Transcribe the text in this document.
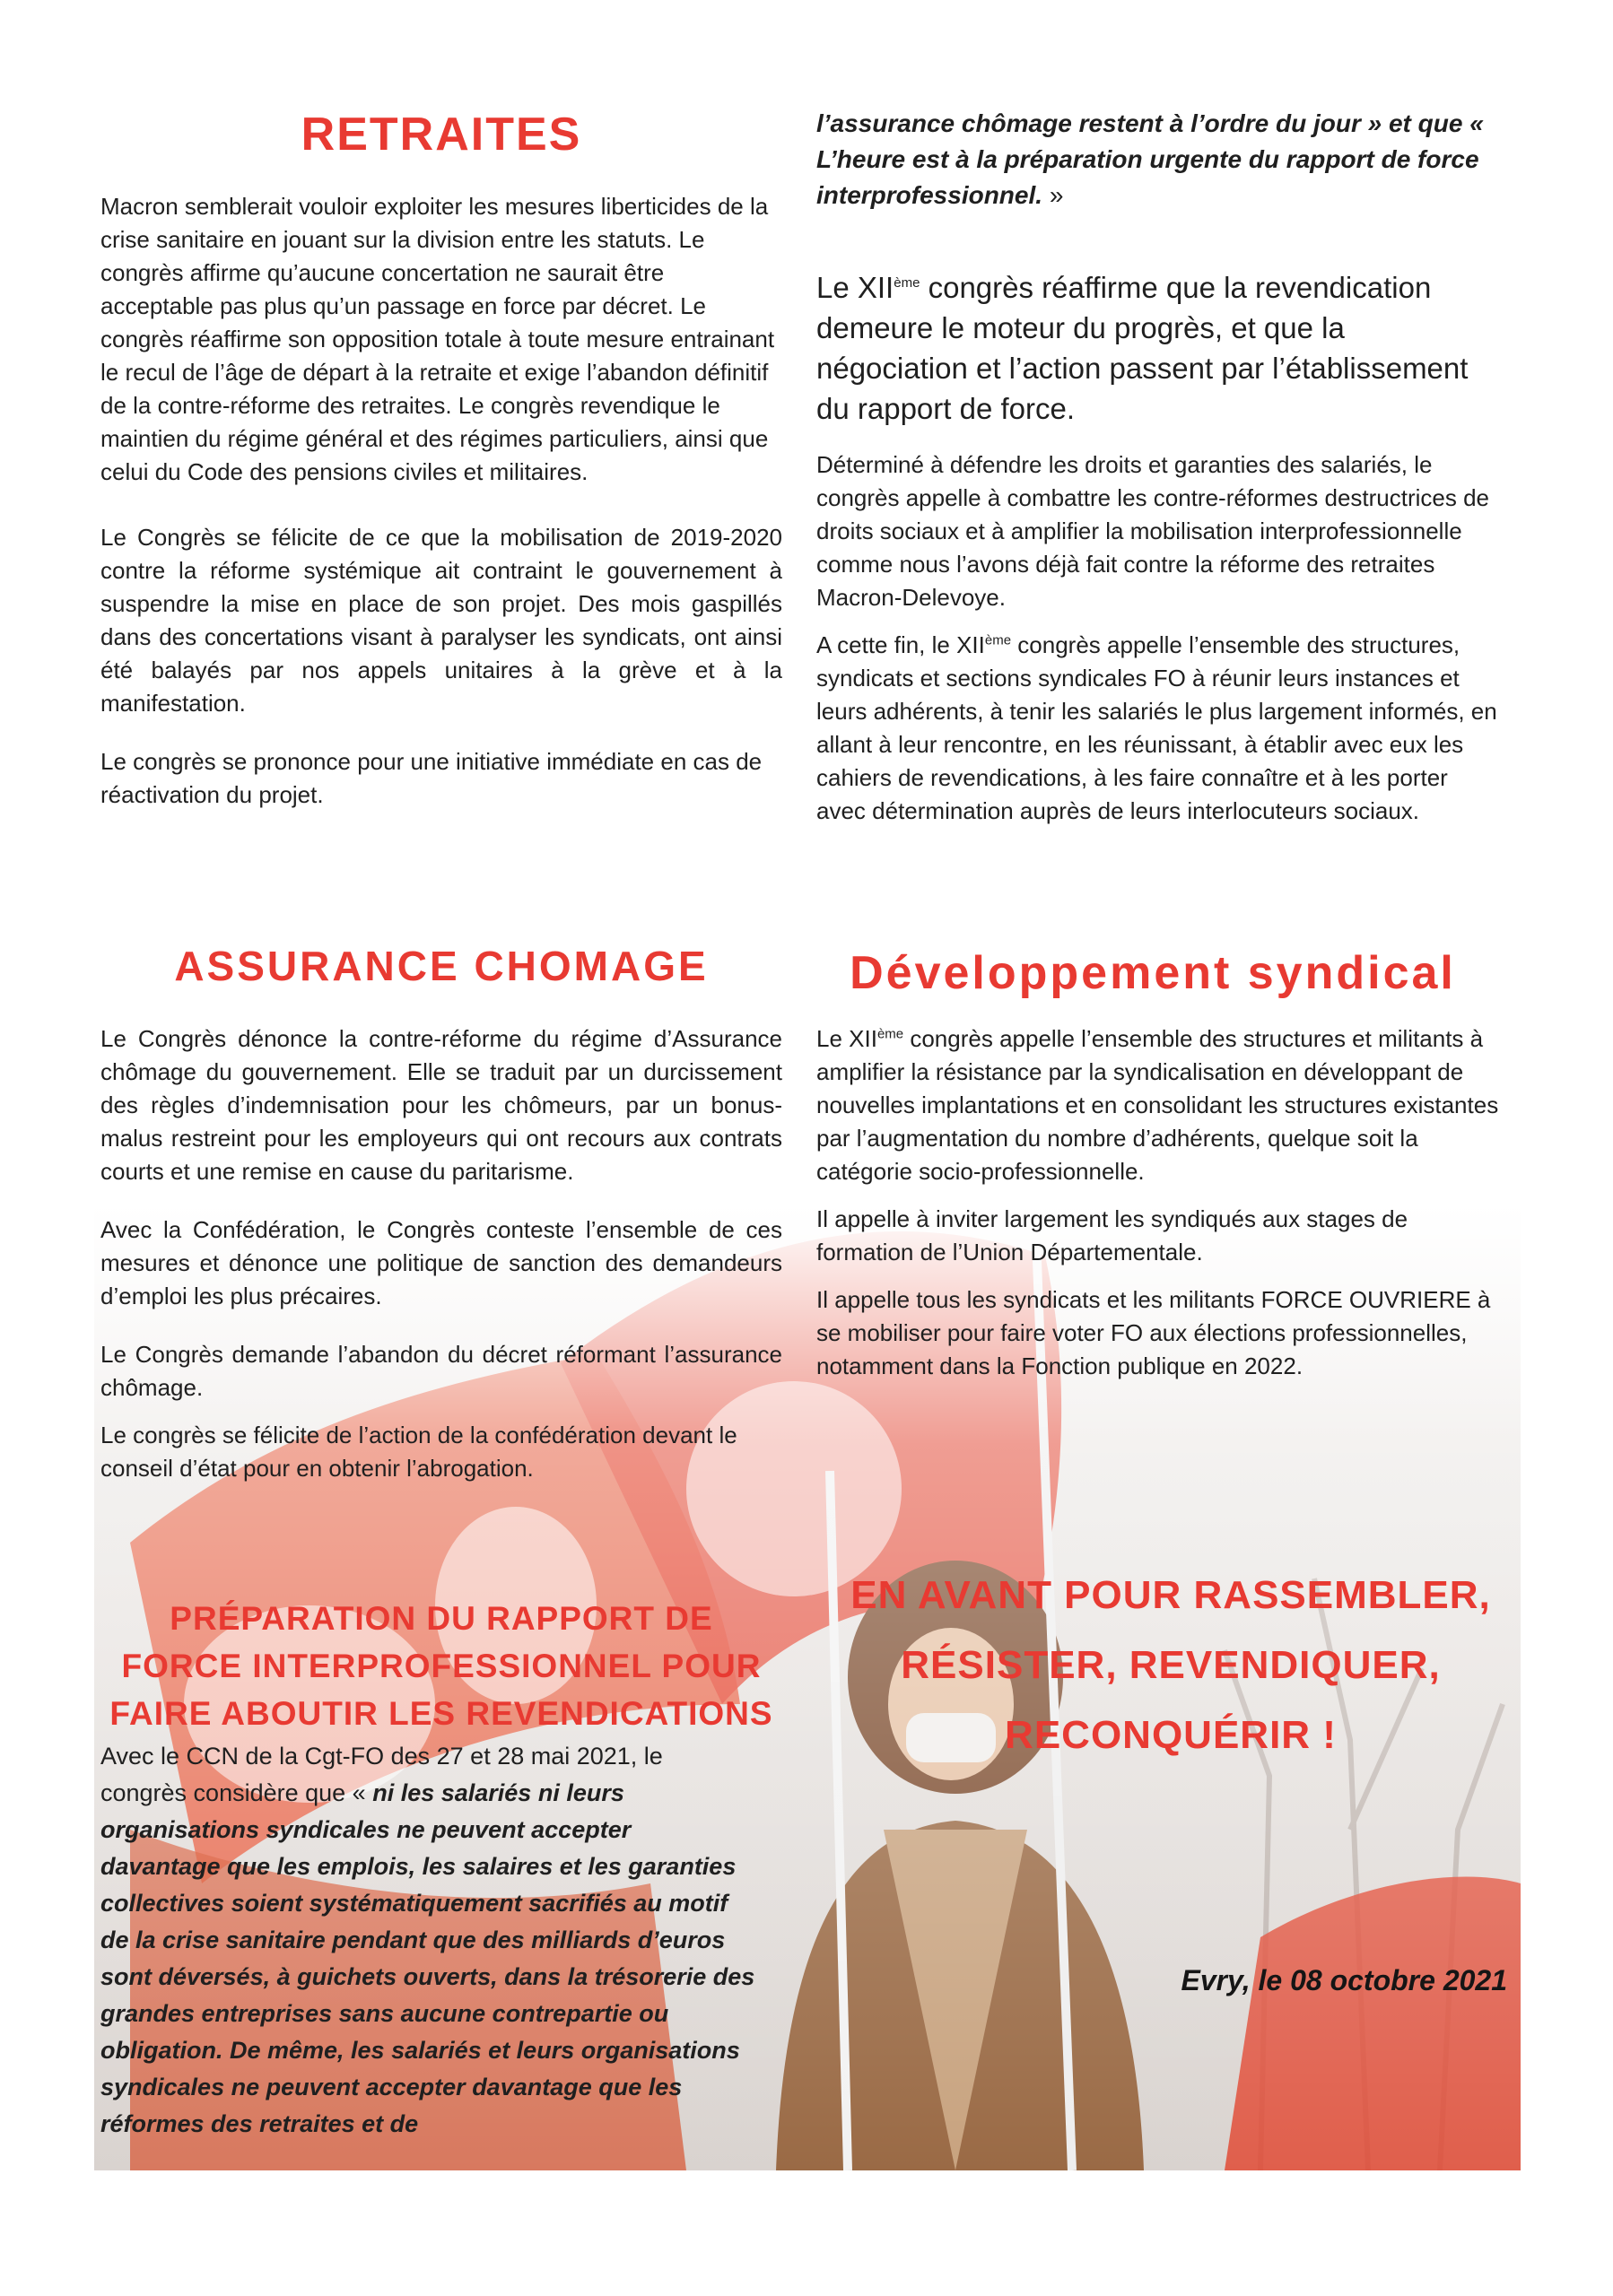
RETRAITES

Macron semblerait vouloir exploiter les mesures liberticides de la crise sanitaire en jouant sur la division entre les statuts. Le congrès affirme qu’aucune concertation ne saurait être acceptable pas plus qu’un passage en force par décret. Le congrès réaffirme son opposition totale à toute mesure entrainant le recul de l’âge de départ à la retraite et exige l’abandon définitif de la contre-réforme des retraites. Le congrès revendique le maintien du régime général et des régimes particuliers, ainsi que celui du Code des pensions civiles et militaires.

Le Congrès se félicite de ce que la mobilisation de 2019-2020 contre la réforme systémique ait contraint le gouvernement à suspendre la mise en place de son projet. Des mois gaspillés dans des concertations visant à paralyser les syndicats, ont ainsi été balayés par nos appels unitaires à la grève et à la manifestation.

Le congrès se prononce pour une initiative immédiate en cas de réactivation du projet.

l’assurance chômage restent à l’ordre du jour » et que « L’heure est à la préparation urgente du rapport de force interprofessionnel. »

Le XIIème congrès réaffirme que la revendication demeure le moteur du progrès, et que la négociation et l’action passent par l’établissement du rapport de force.

Déterminé à défendre les droits et garanties des salariés, le congrès appelle à combattre les contre-réformes destructrices de droits sociaux et à amplifier la mobilisation interprofessionnelle comme nous l’avons déjà fait contre la réforme des retraites Macron-Delevoye.

A cette fin, le XIIème congrès appelle l’ensemble des structures, syndicats et sections syndicales FO à réunir leurs instances et leurs adhérents, à tenir les salariés le plus largement informés, en allant à leur rencontre, en les réunissant, à établir avec eux les cahiers de revendications, à les faire connaître et à les porter avec détermination auprès de leurs interlocuteurs sociaux.

ASSURANCE CHOMAGE

Le Congrès dénonce la contre-réforme du régime d’Assurance chômage du gouvernement. Elle se traduit par un durcissement des règles d’indemnisation pour les chômeurs, par un bonus-malus restreint pour les employeurs qui ont recours aux contrats courts et une remise en cause du paritarisme.

Avec la Confédération, le Congrès conteste l’ensemble de ces mesures et dénonce une politique de sanction des demandeurs d’emploi les plus précaires.

Le Congrès demande l’abandon du décret réformant l’assurance chômage.

Le congrès se félicite de l’action de la confédération devant le conseil d’état pour en obtenir l’abrogation.

Développement syndical

Le XIIème congrès appelle l’ensemble des structures et militants à amplifier la résistance par la syndicalisation en développant de nouvelles implantations et en consolidant les structures existantes par l’augmentation du nombre d’adhérents, quelque soit la catégorie socio-professionnelle.

Il appelle à inviter largement les syndiqués aux stages de formation de l’Union Départementale.

Il appelle tous les syndicats et les militants FORCE OUVRIERE à se mobiliser pour faire voter FO aux élections professionnelles, notamment dans la Fonction publique en 2022.

PRÉPARATION DU RAPPORT DE
FORCE INTERPROFESSIONNEL POUR
FAIRE ABOUTIR LES REVENDICATIONS

Avec le CCN de la Cgt-FO des 27 et 28 mai 2021, le congrès considère que « ni les salariés ni leurs organisations syndicales ne peuvent accepter davantage que les emplois, les salaires et les garanties collectives soient systématiquement sacrifiés au motif de la crise sanitaire pendant que des milliards d’euros sont déversés, à guichets ouverts, dans la trésorerie des grandes entreprises sans aucune contrepartie ou obligation. De même, les salariés et leurs organisations syndicales ne peuvent accepter davantage que les réformes des retraites et de

EN AVANT POUR RASSEMBLER,
RÉSISTER, REVENDIQUER,
RECONQUÉRIR !
Evry, le 08 octobre 2021
